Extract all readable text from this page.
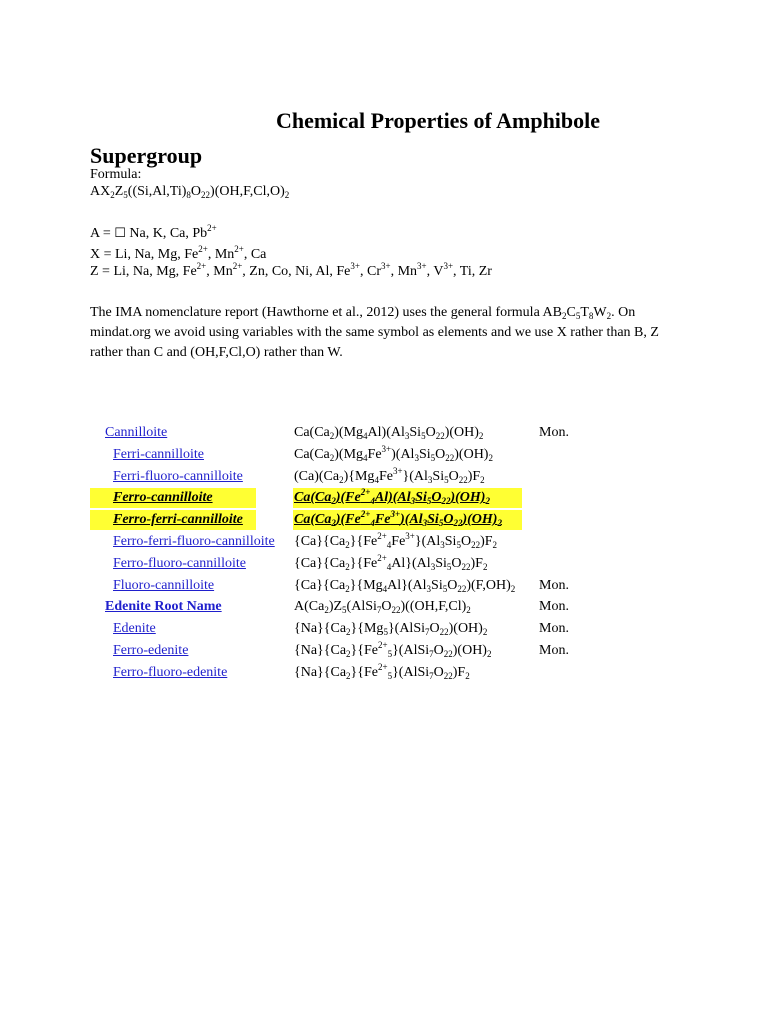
Chemical Properties of Amphibole
Supergroup
Formula:
$AX_2Z_5((Si,Al,Ti)_8O_{22})(OH,F,Cl,O)_2$
A = ☐ Na, K, Ca, $Pb^{2+}$
X = Li, Na, Mg, $Fe^{2+}$, $Mn^{2+}$, Ca
Z = Li, Na, Mg, $Fe^{2+}$, $Mn^{2+}$, Zn, Co, Ni, Al, $Fe^{3+}$, $Cr^{3+}$, $Mn^{3+}$, $V^{3+}$, Ti, Zr
The IMA nomenclature report (Hawthorne et al., 2012) uses the general formula $AB_2C_5T_8W_2$. On mindat.org we avoid using variables with the same symbol as elements and we use X rather than B, Z rather than C and (OH,F,Cl,O) rather than W.
Cannilloite	$Ca(Ca_2)(Mg_4Al)(Al_3Si_5O_{22})(OH)_2$	Mon.
Ferri-cannilloite	$Ca(Ca_2)(Mg_4Fe^{3+})(Al_3Si_5O_{22})(OH)_2$
Ferri-fluoro-cannilloite	$(Ca)(Ca_2)\{Mg_4Fe^{3+}\}(Al_3Si_5O_{22})F_2$
Ferro-cannilloite	$Ca(Ca_2)(Fe^{2+}_4Al)(Al_3Si_5O_{22})(OH)_2$
Ferro-ferri-cannilloite	$Ca(Ca_2)(Fe^{2+}_4Fe^{3+})(Al_3Si_5O_{22})(OH)_2$
Ferro-ferri-fluoro-cannilloite $\{Ca\}\{Ca_2\}\{Fe^{2+}_4Fe^{3+}\}(Al_3Si_5O_{22})F_2$
Ferro-fluoro-cannilloite	$\{Ca\}\{Ca_2\}\{Fe^{2+}_4Al\}(Al_3Si_5O_{22})F_2$
Fluoro-cannilloite	$\{Ca\}\{Ca_2\}\{Mg_4Al\}(Al_3Si_5O_{22})(F,OH)_2$ Mon.
Edenite Root Name	$A(Ca_2)Z_5(AlSi_7O_{22})((OH,F,Cl)_2$	Mon.
Edenite	$\{Na\}\{Ca_2\}\{Mg_5\}(AlSi_7O_{22})(OH)_2$	Mon.
Ferro-edenite	$\{Na\}\{Ca_2\}\{Fe^{2+}_5\}(AlSi_7O_{22})(OH)_2$	Mon.
Ferro-fluoro-edenite	$\{Na\}\{Ca_2\}\{Fe^{2+}_5\}(AlSi_7O_{22})F_2$
